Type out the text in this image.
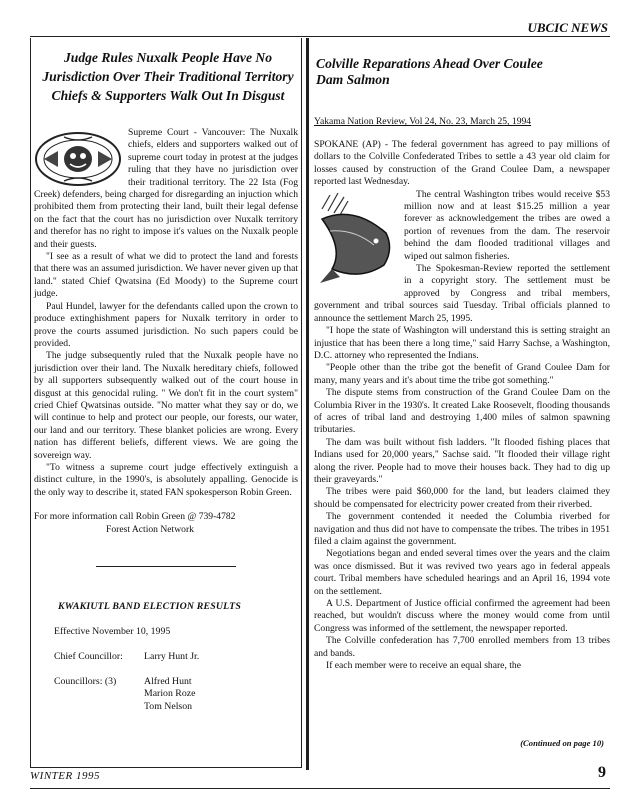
UBCIC NEWS
Judge Rules Nuxalk People Have No
Jurisdiction Over Their Traditional Territory
Chiefs & Supporters Walk Out In Disgust

Supreme Court - Vancouver: The Nuxalk chiefs, elders and supporters walked out of supreme court today in protest at the judges ruling that they have no jurisdiction over their traditional territory. The 22 Ista (Fog Creek) defenders, being charged for disregarding an injuction which prohibited them from protecting their land, built their legal defense on the fact that the court has no jurisdiction over Nuxalk territory and therefor has no right to impose it's values on the Nuxalk people and their guests.

"I see as a result of what we did to protect the land and forests that there was an assumed jurisdiction. We haver never given up that land." stated Chief Qwatsina (Ed Moody) to the Supreme court judge.

Paul Hundel, lawyer for the defendants called upon the crown to produce extinghishment papers for Nuxalk territory in order to prove the courts assumed jurisdiction. No such papers could be provided.

The judge subsequently ruled that the Nuxalk people have no jurisdiction over their land. The Nuxalk hereditary chiefs, followed by all supporters subsequently walked out of the court house in disgust at this genocidal ruling. " We don't fit in the court system" cried Chief Qwatsinas outside. "No matter what they say or do, we will continue to help and protect our people, our forests, our water, our land and our territory. These blanket policies are wrong. Every nation has different beliefs, different views. We are going the sovereign way.

"To witness a supreme court judge effectively extinguish a distinct culture, in the 1990's, is absolutely appalling. Genocide is the only way to describe it, stated FAN spokesperson Robin Green.

For more information call Robin Green @ 739-4782
Forest Action Network
KWAKIUTL BAND ELECTION RESULTS
Effective November 10, 1995
Chief Councillor:	Larry Hunt Jr.
Councillors: (3)	Alfred Hunt
Marion Roze
Tom Nelson
Colville Reparations Ahead Over Coulee
Dam Salmon
Yakama Nation Review, Vol 24, No. 23, March 25, 1994

SPOKANE (AP) - The federal government has agreed to pay millions of dollars to the Colville Confederated Tribes to settle a 43 year old claim for losses caused by construction of the Grand Coulee Dam, a newspaper reported last Wednesday.

The central Washington tribes would receive $53 million now and at least $15.25 million a year forever as acknowledgement the tribes are owed a portion of revenues from the dam. The reservoir behind the dam flooded traditional villages and wiped out salmon fisheries.

The Spokesman-Review reported the settlement in a copyright story. The settlement must be approved by Congress and tribal members, government and tribal sources said Tuesday. Tribal officials planned to announce the settlement March 25, 1995.

"I hope the state of Washington will understand this is setting straight an injustice that has been there a long time," said Harry Sachse, a Washington, D.C. attorney who represented the Indians.

"People other than the tribe got the benefit of Grand Coulee Dam for many, many years and it's about time the tribe got something."

The dispute stems from construction of the Grand Coulee Dam on the Columbia River in the 1930's. It created Lake Roosevelt, flooding thousands of acres of tribal land and destroying 1,400 miles of salmon spawning tributaries.

The dam was built without fish ladders. "It flooded fishing places that Indians used for 20,000 years," Sachse said. "It flooded their village right along the river. People had to move their houses back. They had to dig up their graveyards."

The tribes were paid $60,000 for the land, but leaders claimed they should be compensated for electricity power created from their riverbed.

The government contended it needed the Columbia riverbed for navigation and thus did not have to compensate the tribes. The tribes in 1951 filed a claim against the government.

Negotiations began and ended several times over the years and the claim was once dismissed. But it was revived two years ago in federal appeals court. Tribal members have scheduled hearings and an April 16, 1994 vote on the settlement.

A U.S. Department of Justice official confirmed the agreement had been reached, but wouldn't discuss where the money would come from until Congress was informed of the settlement, the newspaper reported.

The Colville confederation has 7,700 enrolled members from 13 tribes and bands.

If each member were to receive an equal share, the

(Continued on page 10)
WINTER 1995	9
